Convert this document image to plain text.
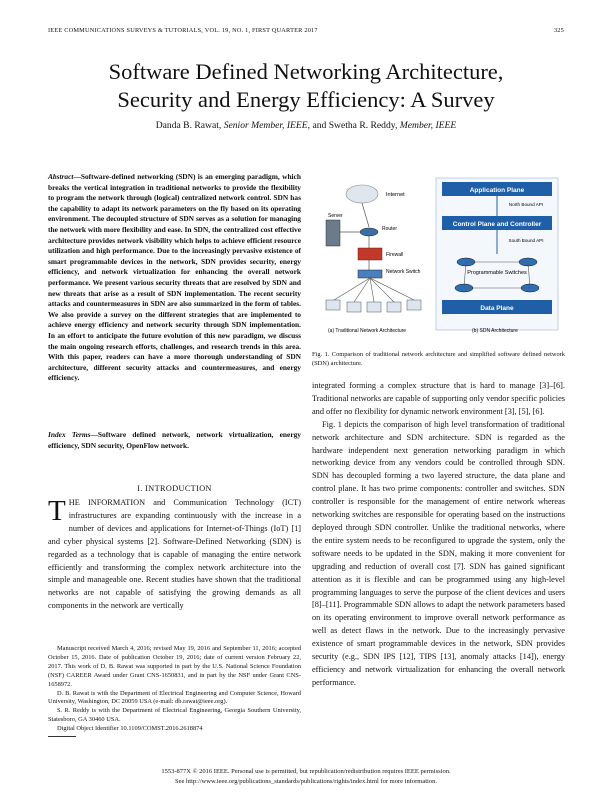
IEEE COMMUNICATIONS SURVEYS & TUTORIALS, VOL. 19, NO. 1, FIRST QUARTER 2017	325
Software Defined Networking Architecture,
Security and Energy Efficiency: A Survey
Danda B. Rawat, Senior Member, IEEE, and Swetha R. Reddy, Member, IEEE
Abstract—Software-defined networking (SDN) is an emerging paradigm, which breaks the vertical integration in traditional networks to provide the flexibility to program the network through (logical) centralized network control. SDN has the capability to adapt its network parameters on the fly based on its operating environment. The decoupled structure of SDN serves as a solution for managing the network with more flexibility and ease. In SDN, the centralized cost effective architecture provides network visibility which helps to achieve efficient resource utilization and high performance. Due to the increasingly pervasive existence of smart programmable devices in the network, SDN provides security, energy efficiency, and network virtualization for enhancing the overall network performance. We present various security threats that are resolved by SDN and new threats that arise as a result of SDN implementation. The recent security attacks and countermeasures in SDN are also summarized in the form of tables. We also provide a survey on the different strategies that are implemented to achieve energy efficiency and network security through SDN implementation. In an effort to anticipate the future evolution of this new paradigm, we discuss the main ongoing research efforts, challenges, and research trends in this area. With this paper, readers can have a more thorough understanding of SDN architecture, different security attacks and countermeasures, and energy efficiency.
Index Terms—Software defined network, network virtualization, energy efficiency, SDN security, OpenFlow network.
I. INTRODUCTION
THE INFORMATION and Communication Technology (ICT) infrastructures are expanding continuously with the increase in a number of devices and applications for Internet-of-Things (IoT) [1] and cyber physical systems [2]. Software-Defined Networking (SDN) is regarded as a technology that is capable of managing the entire network efficiently and transforming the complex network architecture into the simple and manageable one. Recent studies have shown that the traditional networks are not capable of satisfying the growing demands as all components in the network are vertically

Manuscript received March 4, 2016; revised May 19, 2016 and September 11, 2016; accepted October 15, 2016. Date of publication October 19, 2016; date of current version February 22, 2017. This work of D. B. Rawat was supported in part by the U.S. National Science Foundation (NSF) CAREER Award under Grant CNS-1650831, and in part by the NSF under Grant CNS-1658972.

D. B. Rawat is with the Department of Electrical Engineering and Computer Science, Howard University, Washington, DC 20059 USA (e-mail: db.rawat@ieee.org).

S. R. Reddy is with the Department of Electrical Engineering, Georgia Southern University, Statesboro, GA 30460 USA.

Digital Object Identifier 10.1109/COMST.2016.2618874

Internet
Server
Router
Firewall
Network Switch
(a) Traditional Network Architecture
Application Plane
North Bound API
Control Plane and Controller
South Bound API
Programmable Switches
Data Plane
(b) SDN Architecture
Fig. 1. Comparison of traditional network architecture and simplified software defined network (SDN) architecture.

integrated forming a complex structure that is hard to manage [3]–[6]. Traditional networks are capable of supporting only vendor specific policies and offer no flexibility for dynamic network environment [3], [5], [6].

Fig. 1 depicts the comparison of high level transformation of traditional network architecture and SDN architecture. SDN is regarded as the hardware independent next generation networking paradigm in which networking device from any vendors could be controlled through SDN. SDN has decoupled forming a two layered structure, the data plane and control plane. It has two prime components: controller and switches. SDN controller is responsible for the management of entire network whereas networking switches are responsible for operating based on the instructions deployed through SDN controller. Unlike the traditional networks, where the entire system needs to be reconfigured to upgrade the system, only the software needs to be updated in the SDN, making it more convenient for upgrading and reduction of overall cost [7]. SDN has gained significant attention as it is flexible and can be programmed using any high-level programming languages to serve the purpose of the client devices and users [8]–[11]. Programmable SDN allows to adapt the network parameters based on its operating environment to improve overall network performance as well as detect flaws in the network. Due to the increasingly pervasive existence of smart programmable devices in the network, SDN provides security (e.g., SDN IPS [12], TIPS [13], anomaly attacks [14]), energy efficiency and network virtualization for enhancing the overall network performance.

1553-877X © 2016 IEEE. Personal use is permitted, but republication/redistribution requires IEEE permission.
See http://www.ieee.org/publications_standards/publications/rights/index.html for more information.
